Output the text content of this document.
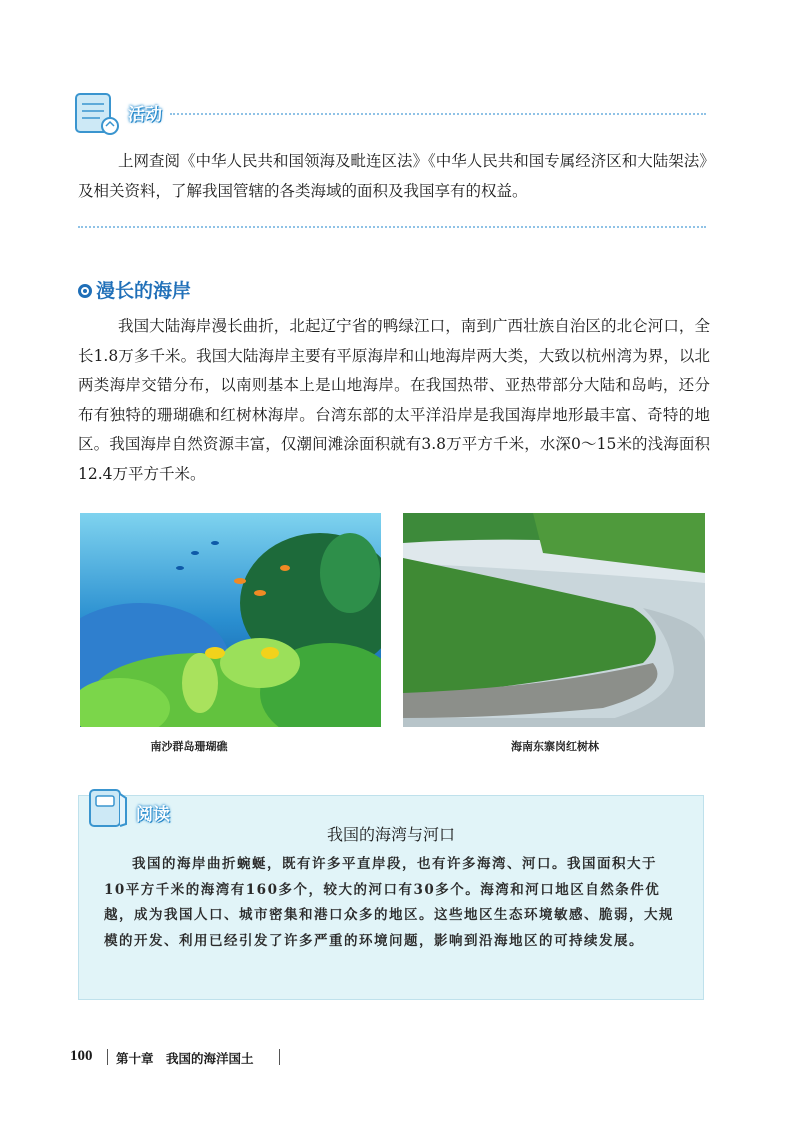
活动
上网查阅《中华人民共和国领海及毗连区法》《中华人民共和国专属经济区和大陆架法》及相关资料，了解我国管辖的各类海域的面积及我国享有的权益。
漫长的海岸
我国大陆海岸漫长曲折，北起辽宁省的鸭绿江口，南到广西壮族自治区的北仑河口，全长1.8万多千米。我国大陆海岸主要有平原海岸和山地海岸两大类，大致以杭州湾为界，以北两类海岸交错分布，以南则基本上是山地海岸。在我国热带、亚热带部分大陆和岛屿，还分布有独特的珊瑚礁和红树林海岸。台湾东部的太平洋沿岸是我国海岸地形最丰富、奇特的地区。我国海岸自然资源丰富，仅潮间滩涂面积就有3.8万平方千米，水深0～15米的浅海面积12.4万平方千米。
南沙群岛珊瑚礁	海南东寨岗红树林
阅读
我国的海湾与河口
我国的海岸曲折蜿蜒，既有许多平直岸段，也有许多海湾、河口。我国面积大于10平方千米的海湾有160多个，较大的河口有30多个。海湾和河口地区自然条件优越，成为我国人口、城市密集和港口众多的地区。这些地区生态环境敏感、脆弱，大规模的开发、利用已经引发了许多严重的环境问题，影响到沿海地区的可持续发展。
100 第十章　我国的海洋国土
